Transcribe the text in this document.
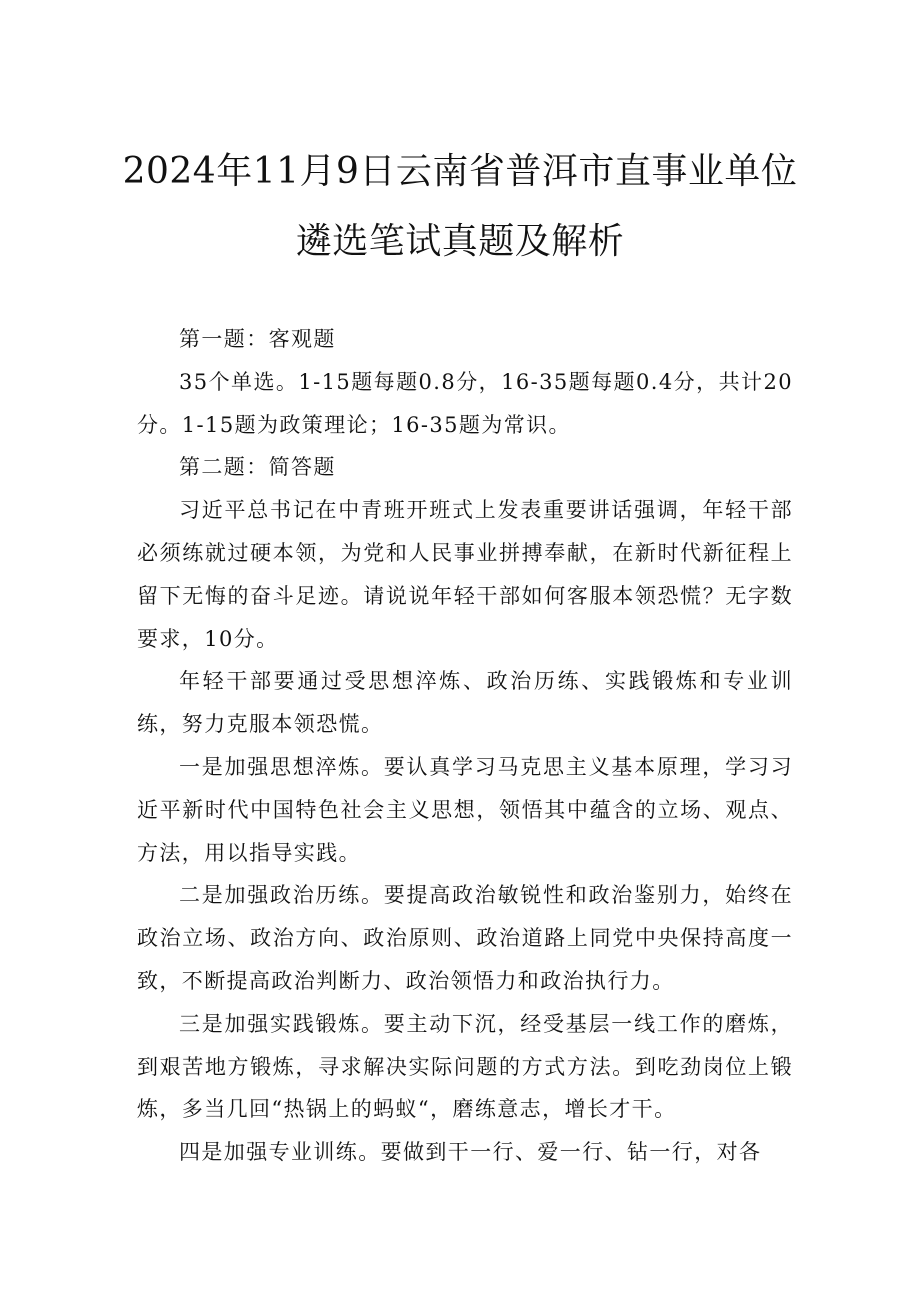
2024年11月9日云南省普洱市直事业单位
遴选笔试真题及解析

第一题：客观题

35个单选。1-15题每题0.8分，16-35题每题0.4分，共计20分。1-15题为政策理论；16-35题为常识。

第二题：简答题

习近平总书记在中青班开班式上发表重要讲话强调，年轻干部必须练就过硬本领，为党和人民事业拼搏奉献，在新时代新征程上留下无悔的奋斗足迹。请说说年轻干部如何客服本领恐慌？无字数要求，10分。

年轻干部要通过受思想淬炼、政治历练、实践锻炼和专业训练，努力克服本领恐慌。

一是加强思想淬炼。要认真学习马克思主义基本原理，学习习近平新时代中国特色社会主义思想，领悟其中蕴含的立场、观点、方法，用以指导实践。

二是加强政治历练。要提高政治敏锐性和政治鉴别力，始终在政治立场、政治方向、政治原则、政治道路上同党中央保持高度一致，不断提高政治判断力、政治领悟力和政治执行力。

三是加强实践锻炼。要主动下沉，经受基层一线工作的磨炼，到艰苦地方锻炼，寻求解决实际问题的方式方法。到吃劲岗位上锻炼，多当几回“热锅上的蚂蚁“，磨练意志，增长才干。

四是加强专业训练。要做到干一行、爱一行、钻一行，对各
